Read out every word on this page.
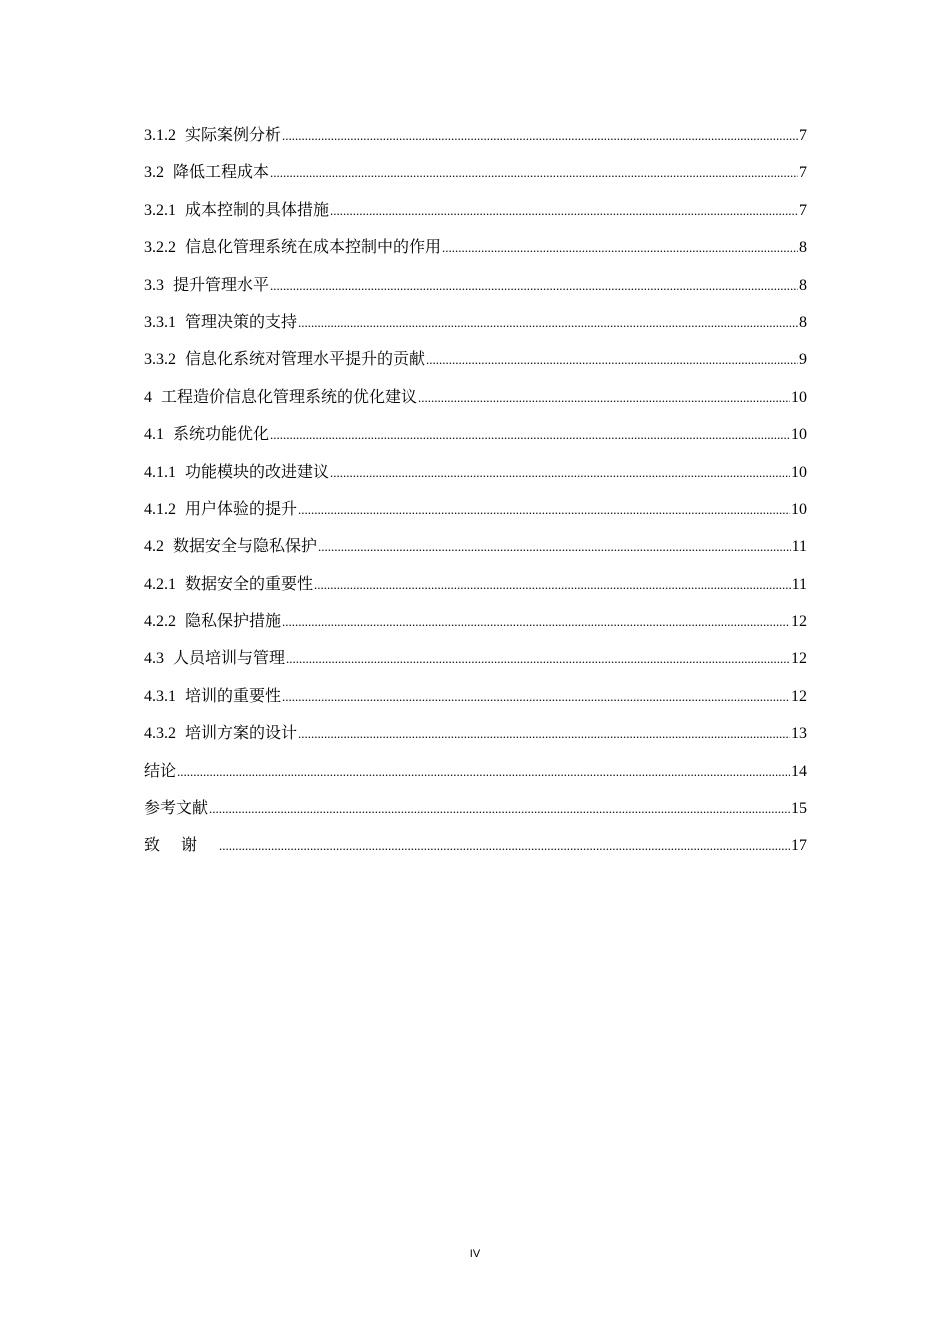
3.1.2 实际案例分析 .....	7
3.2 降低工程成本 .....	7
3.2.1 成本控制的具体措施 .....	7
3.2.2 信息化管理系统在成本控制中的作用 .....	8
3.3 提升管理水平 .....	8
3.3.1 管理决策的支持 .....	8
3.3.2 信息化系统对管理水平提升的贡献 .....	9
4 工程造价信息化管理系统的优化建议 .....	10
4.1 系统功能优化 .....	10
4.1.1 功能模块的改进建议 .....	10
4.1.2 用户体验的提升 .....	10
4.2 数据安全与隐私保护 .....	11
4.2.1 数据安全的重要性 .....	11
4.2.2 隐私保护措施 .....	12
4.3 人员培训与管理 .....	12
4.3.1 培训的重要性 .....	12
4.3.2 培训方案的设计 .....	13
结论 .....	14
参考文献 .....	15
致谢 .....	17
IV
